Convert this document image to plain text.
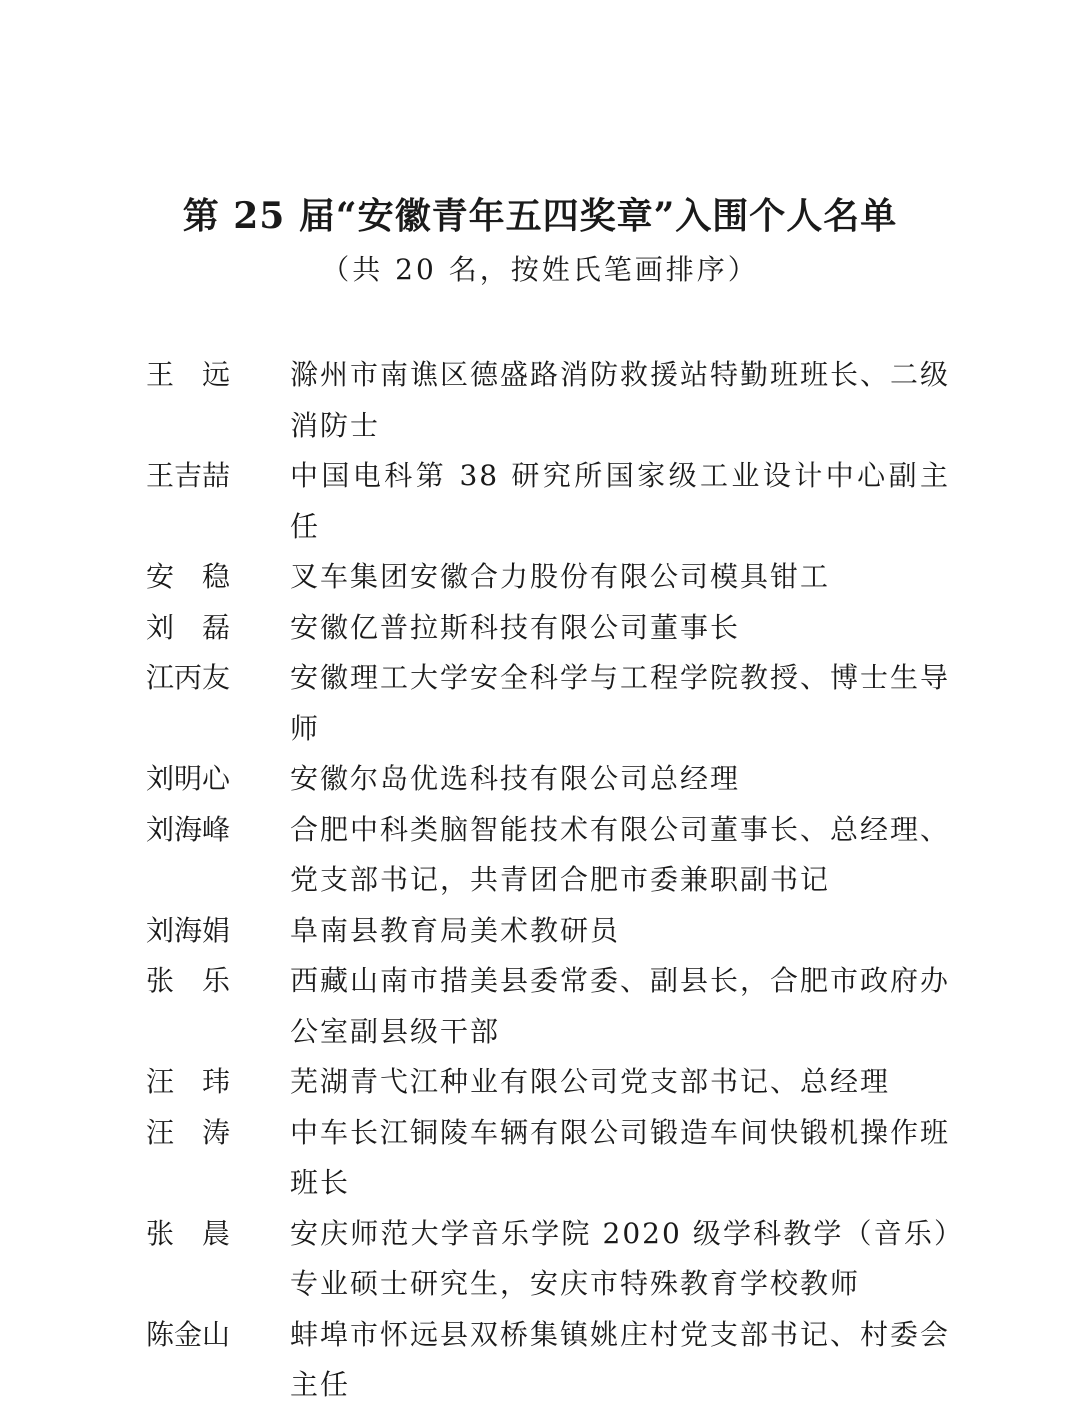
第 25 届“安徽青年五四奖章”入围个人名单
（共 20 名，按姓氏笔画排序）
王　远	滁州市南谯区德盛路消防救援站特勤班班长、二级消防士
王吉喆	中国电科第 38 研究所国家级工业设计中心副主任
安　稳	叉车集团安徽合力股份有限公司模具钳工
刘　磊	安徽亿普拉斯科技有限公司董事长
江丙友	安徽理工大学安全科学与工程学院教授、博士生导师
刘明心	安徽尔岛优选科技有限公司总经理
刘海峰	合肥中科类脑智能技术有限公司董事长、总经理、党支部书记，共青团合肥市委兼职副书记
刘海娟	阜南县教育局美术教研员
张　乐	西藏山南市措美县委常委、副县长，合肥市政府办公室副县级干部
汪　玮	芜湖青弋江种业有限公司党支部书记、总经理
汪　涛	中车长江铜陵车辆有限公司锻造车间快锻机操作班班长
张　晨	安庆师范大学音乐学院 2020 级学科教学（音乐）专业硕士研究生，安庆市特殊教育学校教师
陈金山	蚌埠市怀远县双桥集镇姚庄村党支部书记、村委会主任
